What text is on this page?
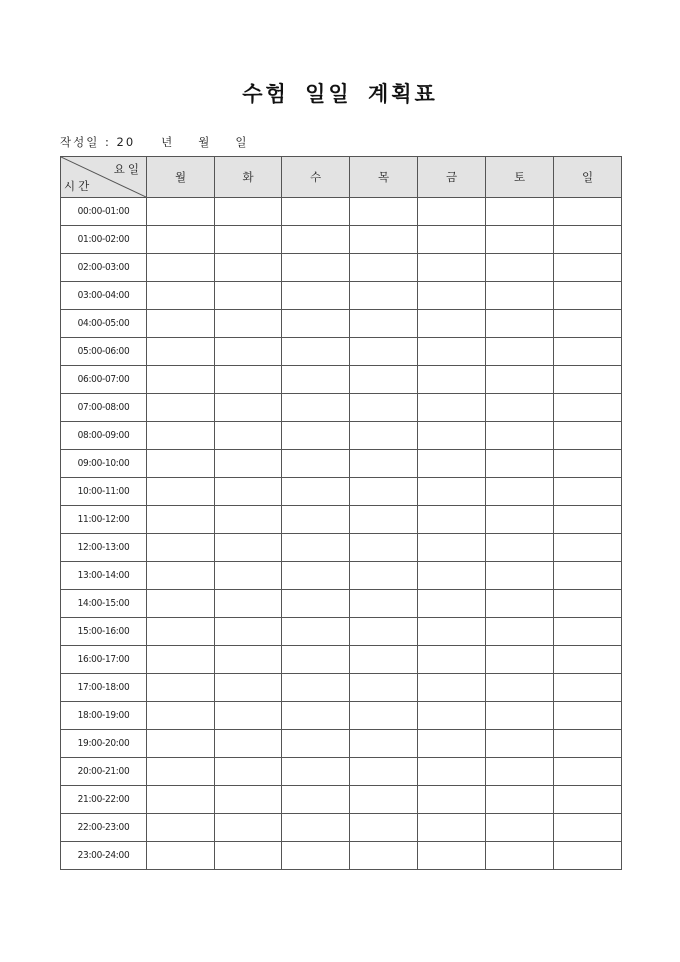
수험 일일 계획표
작성일 : 20 년 월 일
요일
시간	월	화	수	목	금	토	일
00:00-01:00							
01:00-02:00							
02:00-03:00							
03:00-04:00							
04:00-05:00							
05:00-06:00							
06:00-07:00							
07:00-08:00							
08:00-09:00							
09:00-10:00							
10:00-11:00							
11:00-12:00							
12:00-13:00							
13:00-14:00							
14:00-15:00							
15:00-16:00							
16:00-17:00							
17:00-18:00							
18:00-19:00							
19:00-20:00							
20:00-21:00							
21:00-22:00							
22:00-23:00							
23:00-24:00							
